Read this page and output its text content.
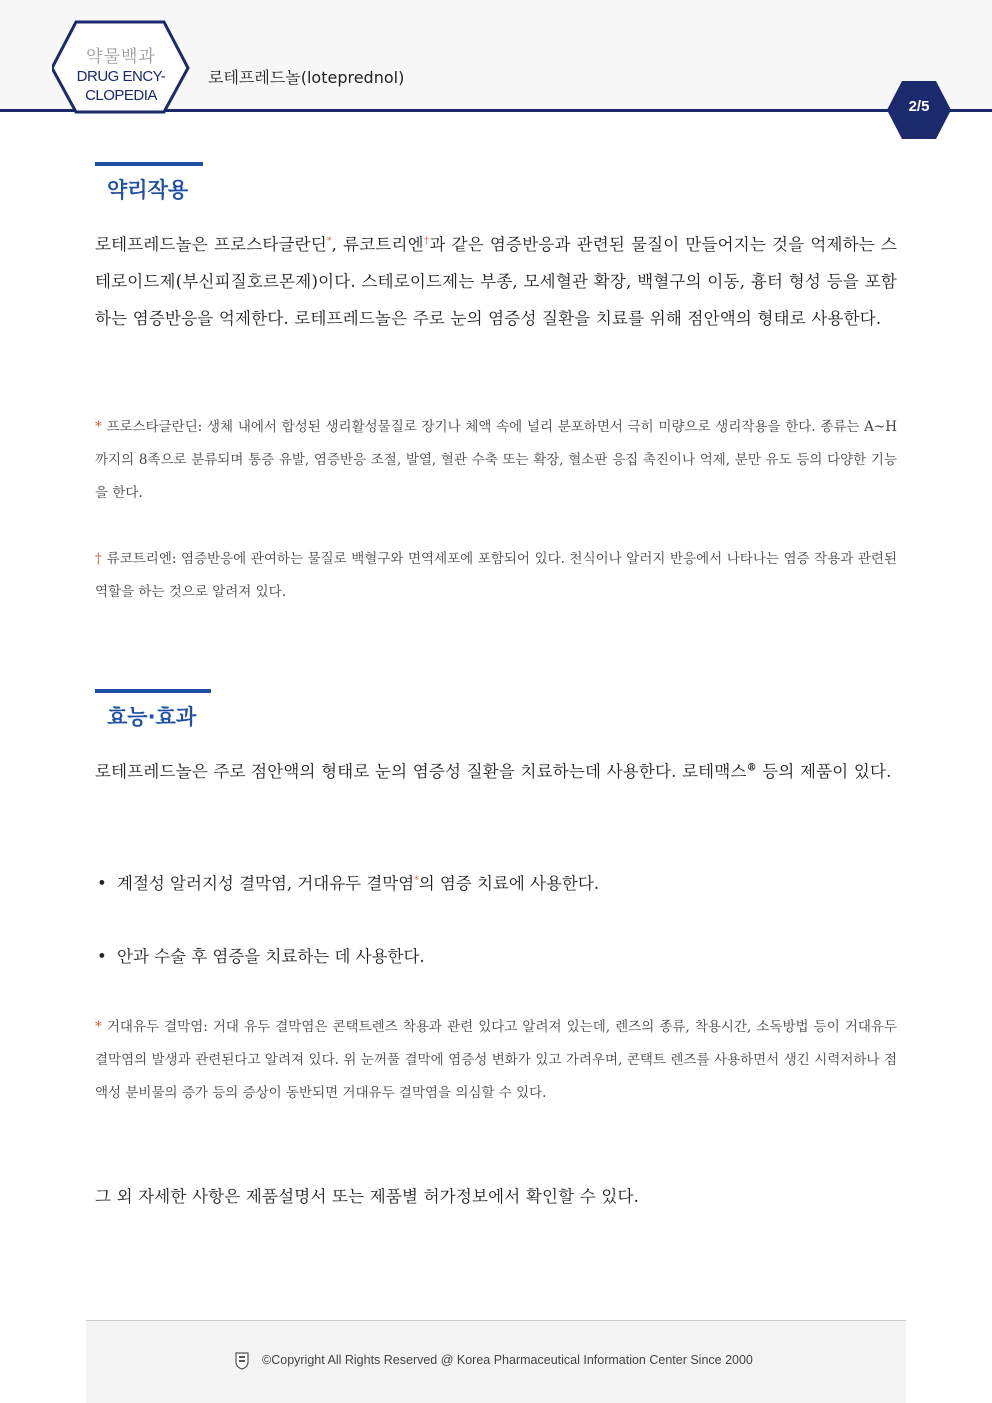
약물백과
DRUG ENCY-
CLOPEDIA
로테프레드놀(loteprednol)
2/5
약리작용
로테프레드놀은 프로스타글란딘*, 류코트리엔†과 같은 염증반응과 관련된 물질이 만들어지는 것을 억제하는 스테로이드제(부신피질호르몬제)이다. 스테로이드제는 부종, 모세혈관 확장, 백혈구의 이동, 흉터 형성 등을 포함하는 염증반응을 억제한다. 로테프레드놀은 주로 눈의 염증성 질환을 치료를 위해 점안액의 형태로 사용한다.
* 프로스타글란딘: 생체 내에서 합성된 생리활성물질로 장기나 체액 속에 널리 분포하면서 극히 미량으로 생리작용을 한다. 종류는 A~H까지의 8족으로 분류되며 통증 유발, 염증반응 조절, 발열, 혈관 수축 또는 확장, 혈소판 응집 촉진이나 억제, 분만 유도 등의 다양한 기능을 한다.
† 류코트리엔: 염증반응에 관여하는 물질로 백혈구와 면역세포에 포함되어 있다. 천식이나 알러지 반응에서 나타나는 염증 작용과 관련된 역할을 하는 것으로 알려져 있다.
효능·효과
로테프레드놀은 주로 점안액의 형태로 눈의 염증성 질환을 치료하는데 사용한다. 로테맥스® 등의 제품이 있다.
• 계절성 알러지성 결막염, 거대유두 결막염*의 염증 치료에 사용한다.
• 안과 수술 후 염증을 치료하는 데 사용한다.
* 거대유두 결막염: 거대 유두 결막염은 콘택트렌즈 착용과 관련 있다고 알려져 있는데, 렌즈의 종류, 착용시간, 소독방법 등이 거대유두 결막염의 발생과 관련된다고 알려져 있다. 위 눈꺼풀 결막에 염증성 변화가 있고 가려우며, 콘택트 렌즈를 사용하면서 생긴 시력저하나 점액성 분비물의 증가 등의 증상이 동반되면 거대유두 결막염을 의심할 수 있다.
그 외 자세한 사항은 제품설명서 또는 제품별 허가정보에서 확인할 수 있다.
©Copyright All Rights Reserved @ Korea Pharmaceutical Information Center Since 2000
